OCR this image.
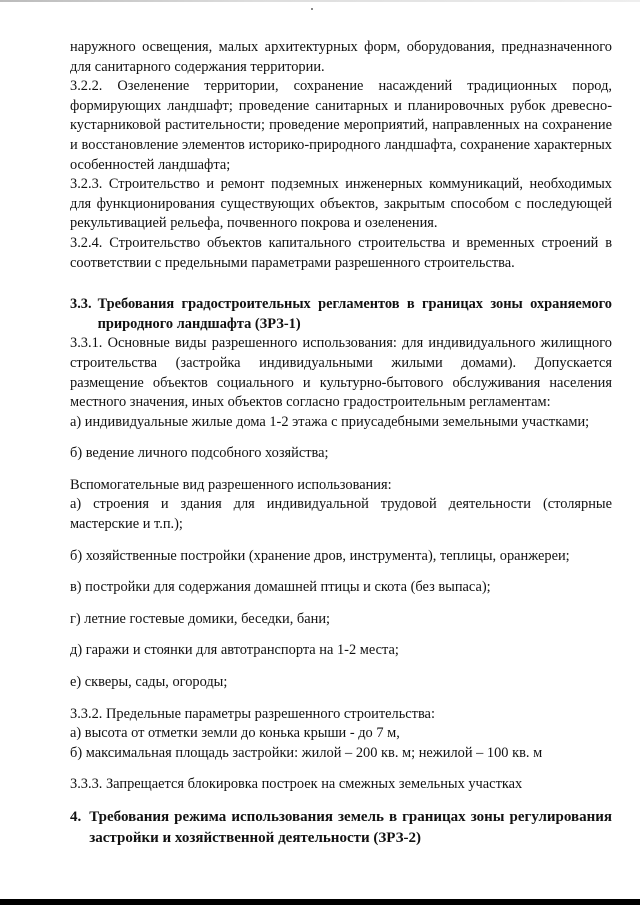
наружного освещения, малых архитектурных форм, оборудования, предназначенного для санитарного содержания территории.

3.2.2. Озеленение территории, сохранение насаждений традиционных пород, формирующих ландшафт; проведение санитарных и планировочных рубок древесно-кустарниковой растительности; проведение мероприятий, направленных на сохранение и восстановление элементов историко-природного ландшафта, сохранение характерных особенностей ландшафта;

3.2.3. Строительство и ремонт подземных инженерных коммуникаций, необходимых для функционирования существующих объектов, закрытым способом с последующей рекультивацией рельефа, почвенного покрова и озеленения.

3.2.4. Строительство объектов капитального строительства и временных строений в соответствии с предельными параметрами разрешенного строительства.

3.3. Требования градостроительных регламентов в границах зоны охраняемого природного ландшафта (ЗРЗ-1)

3.3.1. Основные виды разрешенного использования: для индивидуального жилищного строительства (застройка индивидуальными жилыми домами). Допускается размещение объектов социального и культурно-бытового обслуживания населения местного значения, иных объектов согласно градостроительным регламентам:

а) индивидуальные жилые дома 1-2 этажа с приусадебными земельными участками;

б) ведение личного подсобного хозяйства;

Вспомогательные вид разрешенного использования:

а) строения и здания для индивидуальной трудовой деятельности (столярные мастерские и т.п.);

б) хозяйственные постройки (хранение дров, инструмента), теплицы, оранжереи;

в) постройки для содержания домашней птицы и скота (без выпаса);

г) летние гостевые домики, беседки, бани;

д) гаражи и стоянки для автотранспорта на 1-2 места;

е) скверы, сады, огороды;

3.3.2. Предельные параметры разрешенного строительства:

а) высота от отметки земли до конька крыши - до 7 м,

б) максимальная площадь застройки: жилой – 200 кв. м; нежилой – 100 кв. м

3.3.3. Запрещается блокировка построек на смежных земельных участках

4. Требования режима использования земель в границах зоны регулирования застройки и хозяйственной деятельности (ЗРЗ-2)
